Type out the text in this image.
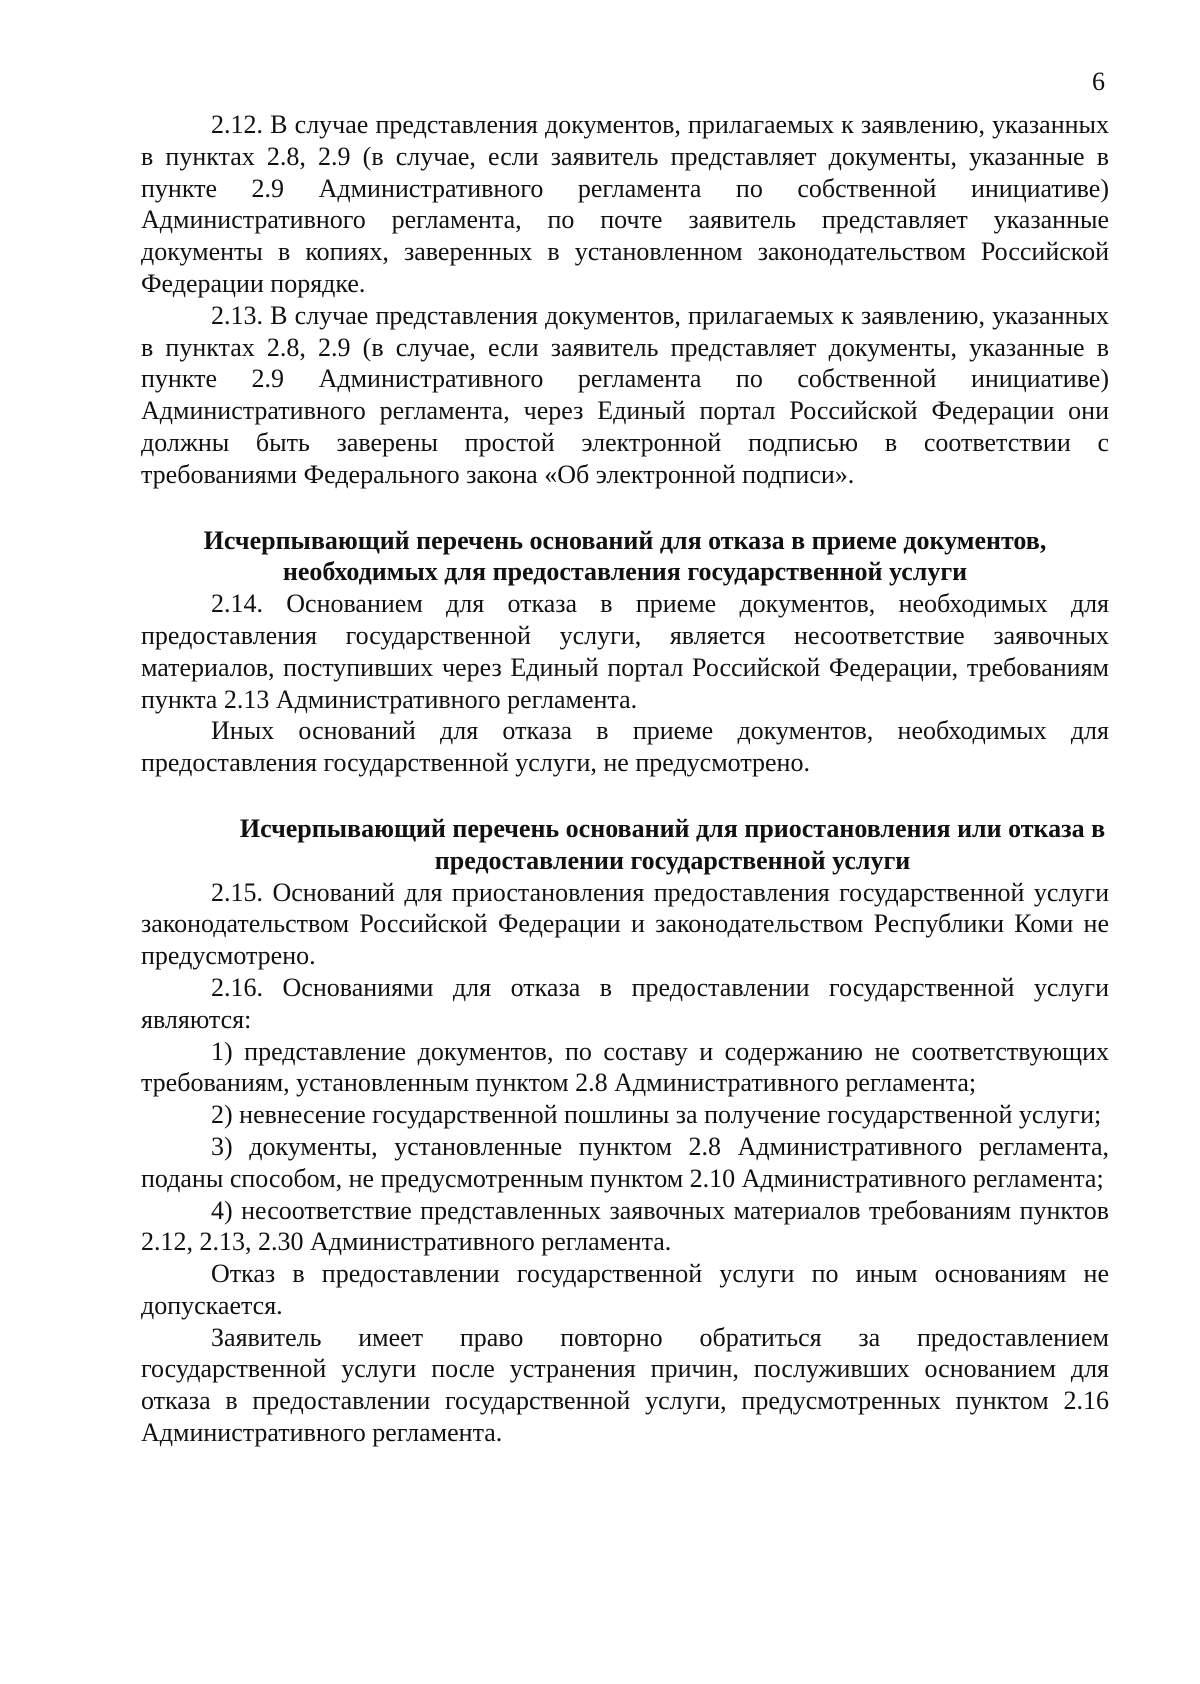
6

2.12. В случае представления документов, прилагаемых к заявлению, указанных в пунктах 2.8, 2.9 (в случае, если заявитель представляет документы, указанные в пункте 2.9 Административного регламента по собственной инициативе) Административного регламента, по почте заявитель представляет указанные документы в копиях, заверенных в установленном законодательством Российской Федерации порядке.

2.13. В случае представления документов, прилагаемых к заявлению, указанных в пунктах 2.8, 2.9 (в случае, если заявитель представляет документы, указанные в пункте 2.9 Административного регламента по собственной инициативе) Административного регламента, через Единый портал Российской Федерации они должны быть заверены простой электронной подписью в соответствии с требованиями Федерального закона «Об электронной подписи».

Исчерпывающий перечень оснований для отказа в приеме документов, необходимых для предоставления государственной услуги

2.14. Основанием для отказа в приеме документов, необходимых для предоставления государственной услуги, является несоответствие заявочных материалов, поступивших через Единый портал Российской Федерации, требованиям пункта 2.13 Административного регламента.

Иных оснований для отказа в приеме документов, необходимых для предоставления государственной услуги, не предусмотрено.

Исчерпывающий перечень оснований для приостановления или отказа в предоставлении государственной услуги

2.15. Оснований для приостановления предоставления государственной услуги законодательством Российской Федерации и законодательством Республики Коми не предусмотрено.

2.16. Основаниями для отказа в предоставлении государственной услуги являются:

1) представление документов, по составу и содержанию не соответствующих требованиям, установленным пунктом 2.8 Административного регламента;

2) невнесение государственной пошлины за получение государственной услуги;

3) документы, установленные пунктом 2.8 Административного регламента, поданы способом, не предусмотренным пунктом 2.10 Административного регламента;

4) несоответствие представленных заявочных материалов требованиям пунктов 2.12, 2.13, 2.30 Административного регламента.

Отказ в предоставлении государственной услуги по иным основаниям не допускается.

Заявитель имеет право повторно обратиться за предоставлением государственной услуги после устранения причин, послуживших основанием для отказа в предоставлении государственной услуги, предусмотренных пунктом 2.16 Административного регламента.
